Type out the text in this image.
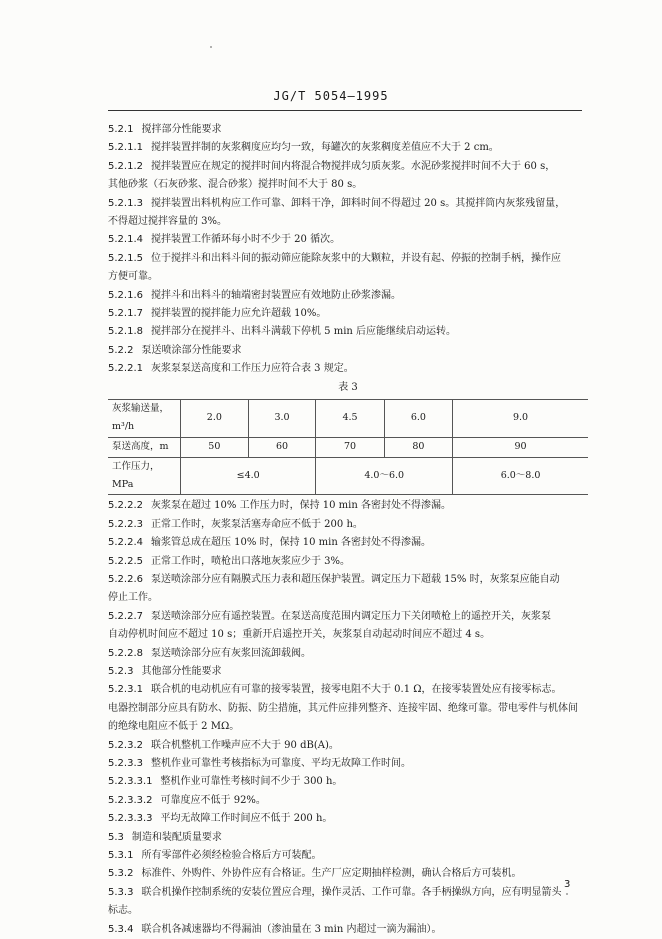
JG/T 5054—1995

5.2.1 搅拌部分性能要求

5.2.1.1 搅拌装置拌制的灰浆稠度应均匀一致，每罐次的灰浆稠度差值应不大于 2 cm。

5.2.1.2 搅拌装置应在规定的搅拌时间内将混合物搅拌成匀质灰浆。水泥砂浆搅拌时间不大于 60 s，

其他砂浆（石灰砂浆、混合砂浆）搅拌时间不大于 80 s。

5.2.1.3 搅拌装置出料机构应工作可靠、卸料干净，卸料时间不得超过 20 s。其搅拌筒内灰浆残留量，

不得超过搅拌容量的 3%。

5.2.1.4 搅拌装置工作循环每小时不少于 20 循次。

5.2.1.5 位于搅拌斗和出料斗间的振动筛应能除灰浆中的大颗粒，并设有起、停振的控制手柄，操作应

方便可靠。

5.2.1.6 搅拌斗和出料斗的轴端密封装置应有效地防止砂浆渗漏。

5.2.1.7 搅拌装置的搅拌能力应允许超载 10%。

5.2.1.8 搅拌部分在搅拌斗、出料斗满载下停机 5 min 后应能继续启动运转。

5.2.2 泵送喷涂部分性能要求

5.2.2.1 灰浆泵泵送高度和工作压力应符合表 3 规定。

表 3
灰浆输送量，m³/h	2.0	3.0	4.5	6.0	9.0
泵送高度，m	50	60	70	80	90
工作压力，MPa	≤4.0		4.0～6.0		6.0～8.0

5.2.2.2 灰浆泵在超过 10% 工作压力时，保持 10 min 各密封处不得渗漏。

5.2.2.3 正常工作时，灰浆泵活塞寿命应不低于 200 h。

5.2.2.4 输浆管总成在超压 10% 时，保持 10 min 各密封处不得渗漏。

5.2.2.5 正常工作时，喷枪出口落地灰浆应少于 3%。

5.2.2.6 泵送喷涂部分应有隔膜式压力表和超压保护装置。调定压力下超载 15% 时，灰浆泵应能自动

停止工作。

5.2.2.7 泵送喷涂部分应有遥控装置。在泵送高度范围内调定压力下关闭喷枪上的遥控开关，灰浆泵

自动停机时间应不超过 10 s；重新开启遥控开关，灰浆泵自动起动时间应不超过 4 s。

5.2.2.8 泵送喷涂部分应有灰浆回流卸载阀。

5.2.3 其他部分性能要求

5.2.3.1 联合机的电动机应有可靠的接零装置，接零电阻不大于 0.1 Ω，在接零装置处应有接零标志。

电器控制部分应具有防水、防振、防尘措施，其元件应排列整齐、连接牢固、绝缘可靠。带电零件与机体间

的绝缘电阻应不低于 2 MΩ。

5.2.3.2 联合机整机工作噪声应不大于 90 dB(A)。

5.2.3.3 整机作业可靠性考核指标为可靠度、平均无故障工作时间。

5.2.3.3.1 整机作业可靠性考核时间不少于 300 h。

5.2.3.3.2 可靠度应不低于 92%。

5.2.3.3.3 平均无故障工作时间应不低于 200 h。

5.3 制造和装配质量要求

5.3.1 所有零部件必须经检验合格后方可装配。

5.3.2 标准件、外购件、外协件应有合格证。生产厂应定期抽样检测，确认合格后方可装机。

5.3.3 联合机操作控制系统的安装位置应合理，操作灵活、工作可靠。各手柄操纵方向，应有明显箭头

标志。

5.3.4 联合机各减速器均不得漏油（渗油量在 3 min 内超过一滴为漏油）。

3
